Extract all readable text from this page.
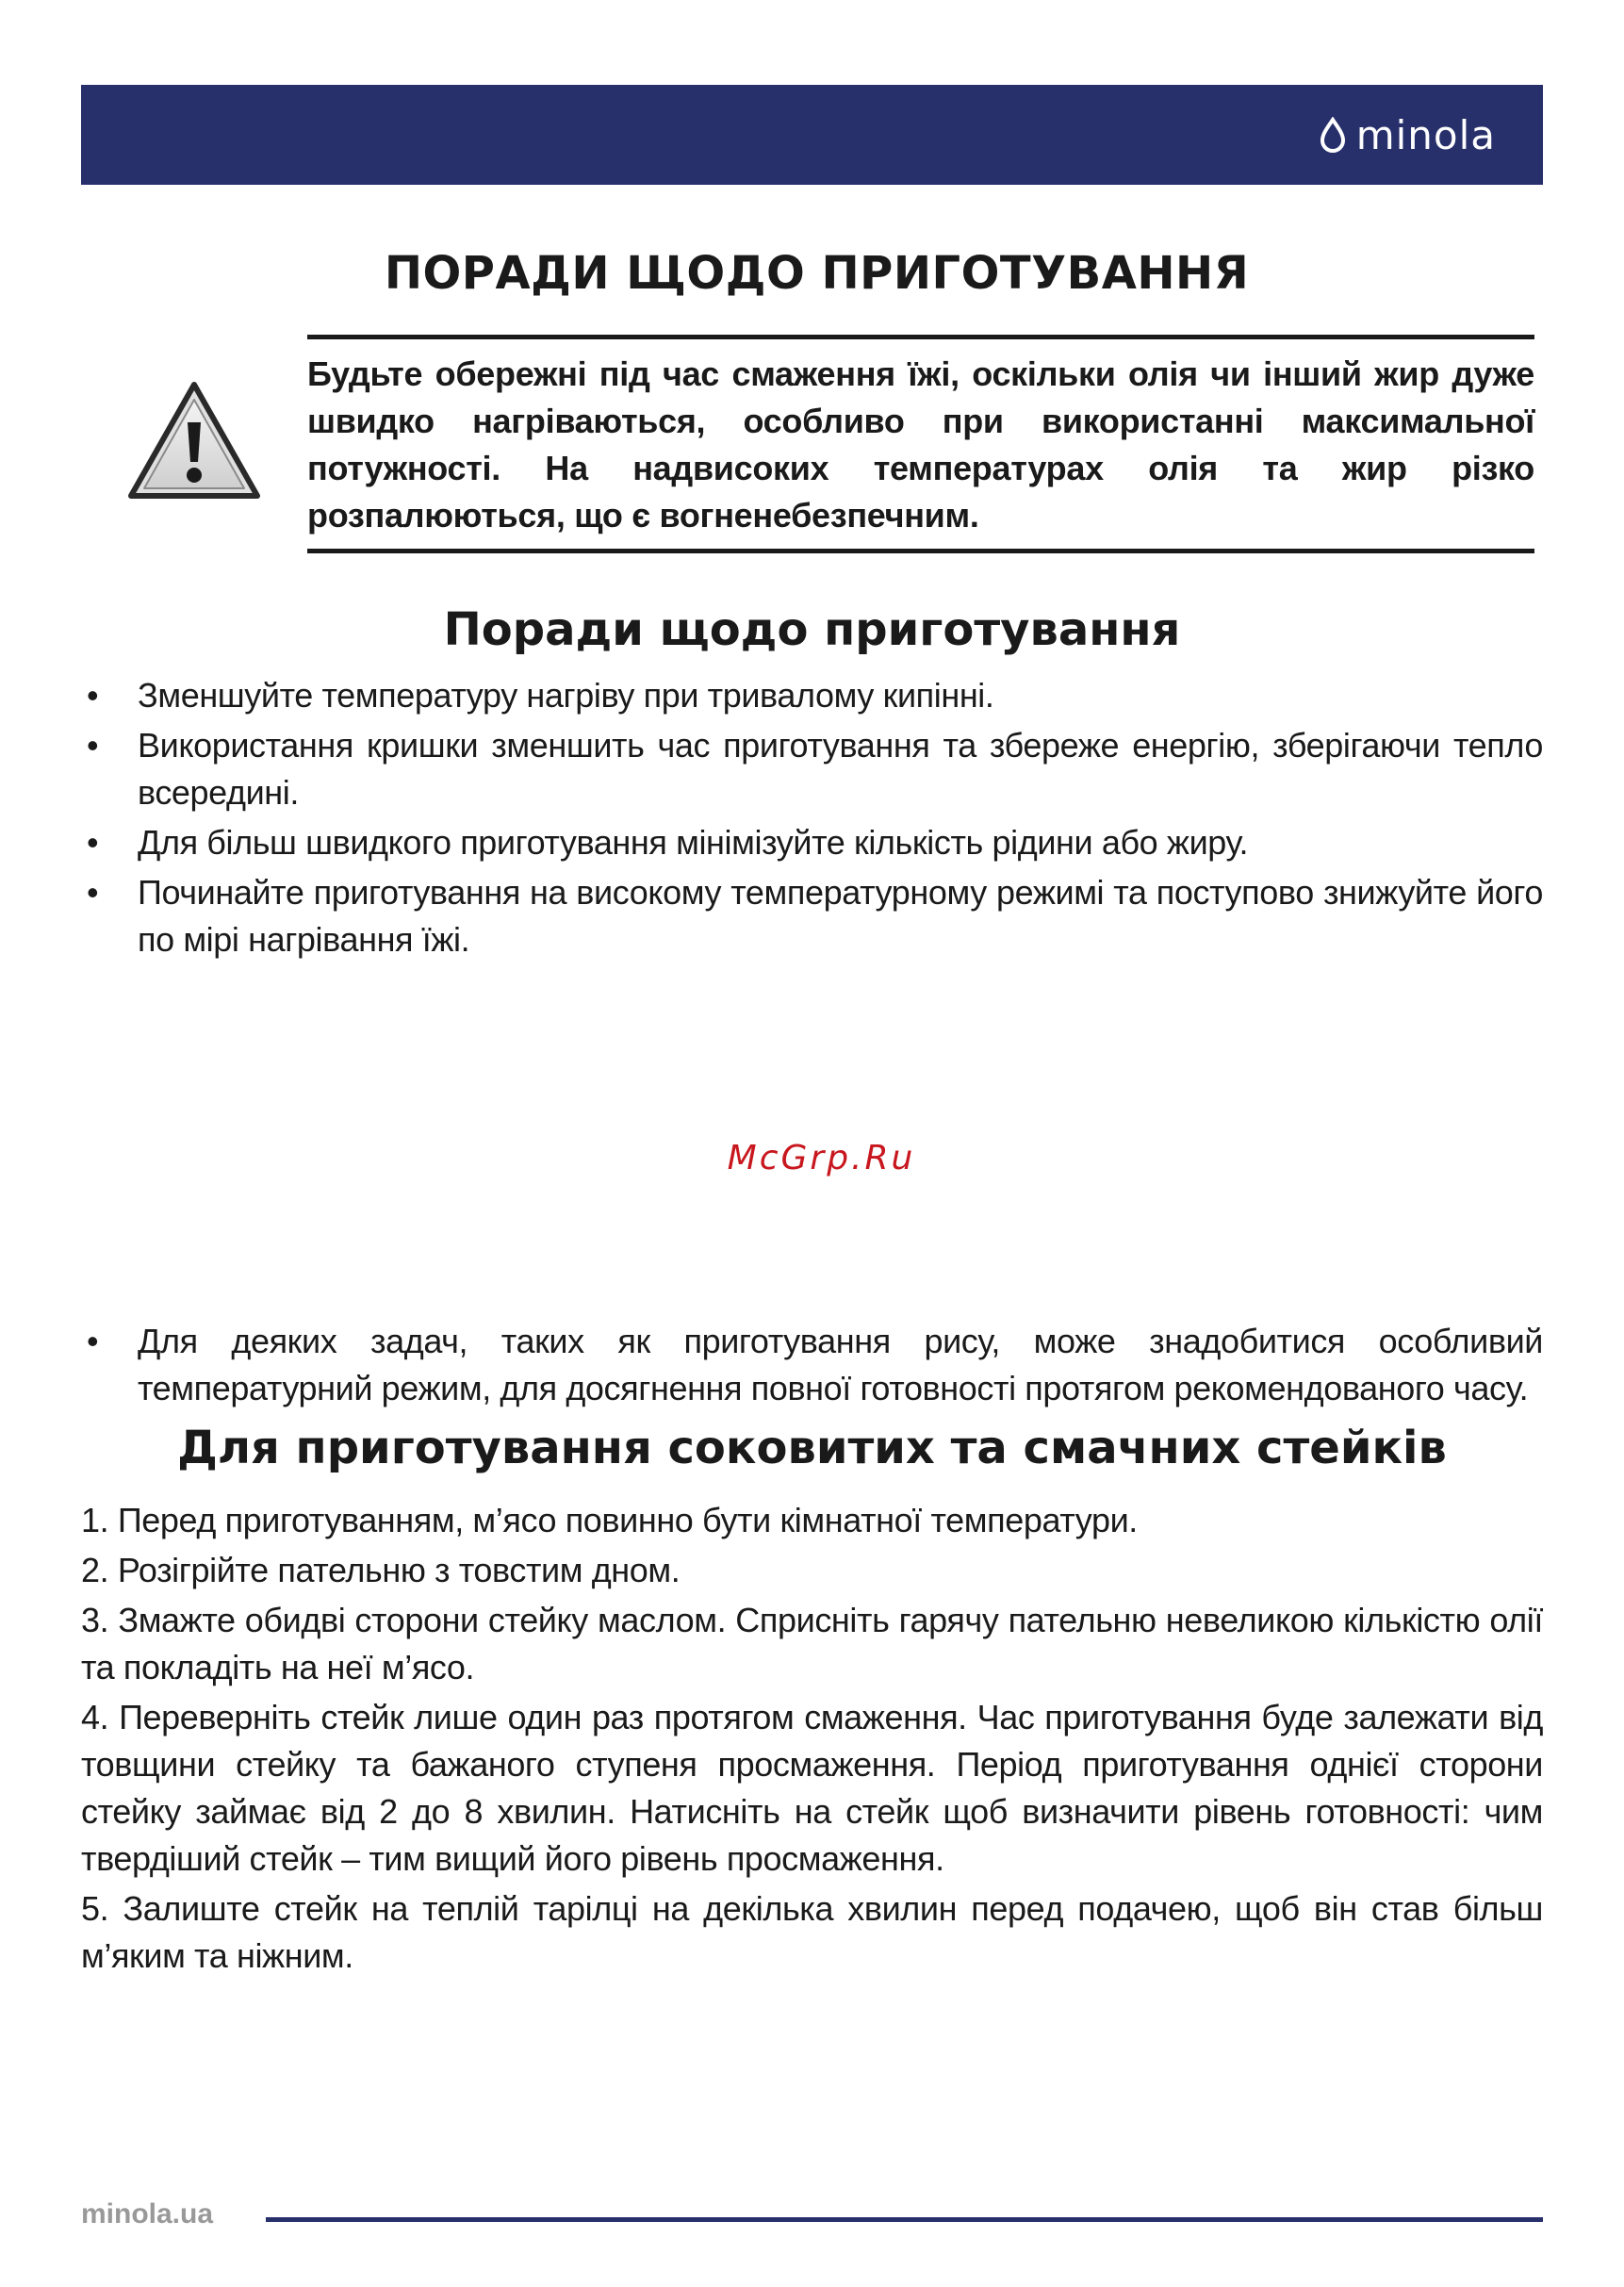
minola
ПОРАДИ ЩОДО ПРИГОТУВАННЯ

Будьте обережні під час смаження їжі, оскільки олія чи інший жир дуже швидко нагріваються, особливо при використанні максимальної потужності. На надвисоких температурах олія та жир різко розпалюються, що є вогненебезпечним.

Поради щодо приготування
• Зменшуйте температуру нагріву при тривалому кипінні.
• Використання кришки зменшить час приготування та збереже енергію, зберігаючи тепло всередині.
• Для більш швидкого приготування мінімізуйте кількість рідини або жиру.
• Починайте приготування на високому температурному режимі та поступово знижуйте його по мірі нагрівання їжі.
McGrp.Ru
• Для деяких задач, таких як приготування рису, може знадобитися особливий температурний режим, для досягнення повної готовності протягом рекомендованого часу.
Для приготування соковитих та смачних стейків
1. Перед приготуванням, м’ясо повинно бути кімнатної температури.
2. Розігрійте пательню з товстим дном.
3. Змажте обидві сторони стейку маслом. Сприсніть гарячу пательню невеликою кількістю олії та покладіть на неї м’ясо.
4. Переверніть стейк лише один раз протягом смаження. Час приготування буде залежати від товщини стейку та бажаного ступеня просмаження. Період приготування однієї сторони стейку займає від 2 до 8 хвилин. Натисніть на стейк щоб визначити рівень готовності: чим твердіший стейк – тим вищий його рівень просмаження.
5. Залиште стейк на теплій тарілці на декілька хвилин перед подачею, щоб він став більш м’яким та ніжним.
minola.ua
